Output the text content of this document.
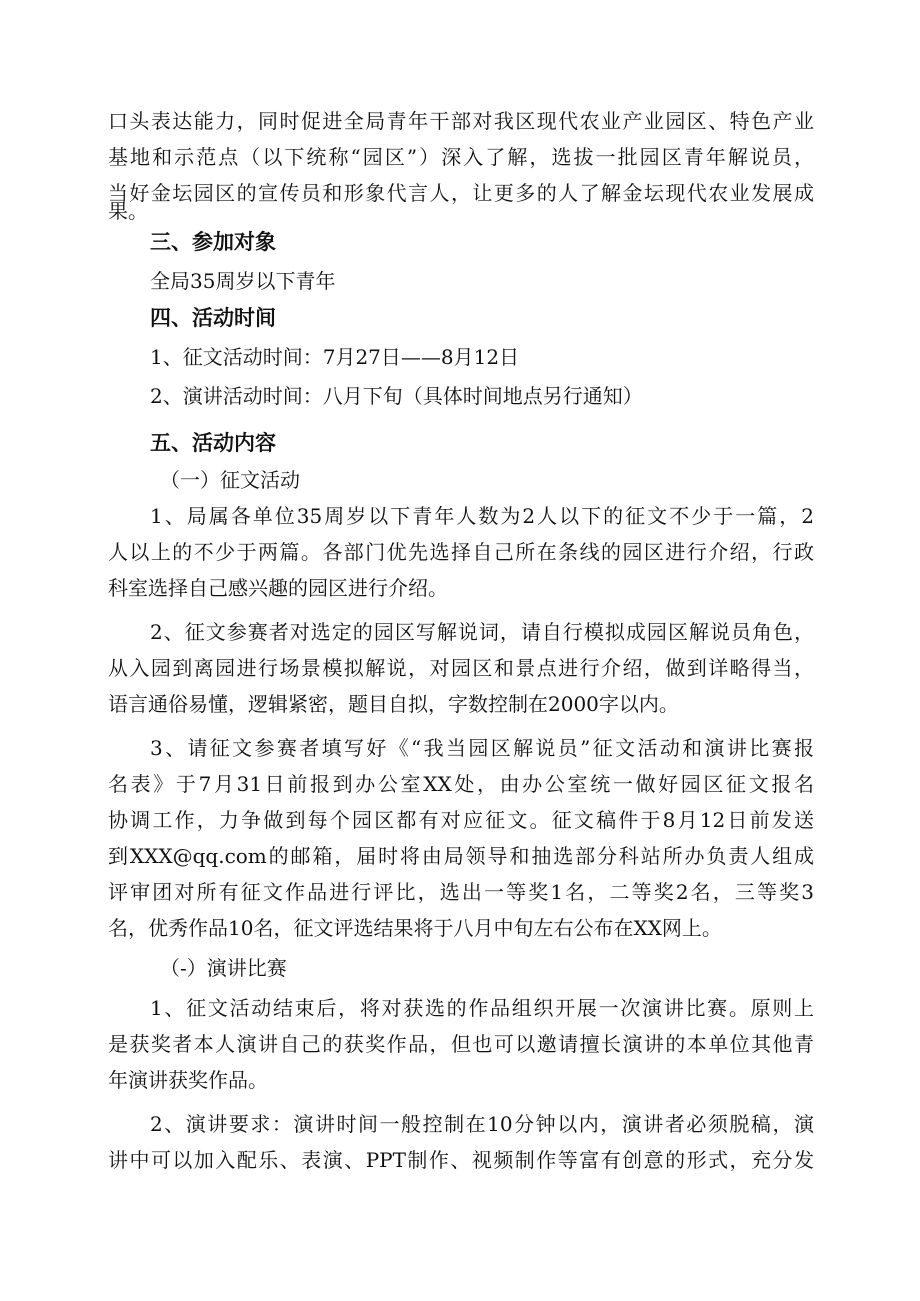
口头表达能力，同时促进全局青年干部对我区现代农业产业园区、特色产业
基地和示范点（以下统称“园区”）深入了解，选拔一批园区青年解说员，
当好金坛园区的宣传员和形象代言人，让更多的人了解金坛现代农业发展成
果。
三、参加对象
全局35周岁以下青年
四、活动时间
1、征文活动时间：7月27日——8月12日
2、演讲活动时间：八月下旬（具体时间地点另行通知）
五、活动内容
（一）征文活动
1、局属各单位35周岁以下青年人数为2人以下的征文不少于一篇，2
人以上的不少于两篇。各部门优先选择自己所在条线的园区进行介绍，行政
科室选择自己感兴趣的园区进行介绍。
2、征文参赛者对选定的园区写解说词，请自行模拟成园区解说员角色，
从入园到离园进行场景模拟解说，对园区和景点进行介绍，做到详略得当，
语言通俗易懂，逻辑紧密，题目自拟，字数控制在2000字以内。
3、请征文参赛者填写好《“我当园区解说员”征文活动和演讲比赛报
名表》于7月31日前报到办公室XX处，由办公室统一做好园区征文报名
协调工作，力争做到每个园区都有对应征文。征文稿件于8月12日前发送
到XXX@qq.com的邮箱，届时将由局领导和抽选部分科站所办负责人组成
评审团对所有征文作品进行评比，选出一等奖1名，二等奖2名，三等奖3
名，优秀作品10名，征文评选结果将于八月中旬左右公布在XX网上。
（-）演讲比赛
1、征文活动结束后，将对获选的作品组织开展一次演讲比赛。原则上
是获奖者本人演讲自己的获奖作品，但也可以邀请擅长演讲的本单位其他青
年演讲获奖作品。
2、演讲要求：演讲时间一般控制在10分钟以内，演讲者必须脱稿，演
讲中可以加入配乐、表演、PPT制作、视频制作等富有创意的形式，充分发
